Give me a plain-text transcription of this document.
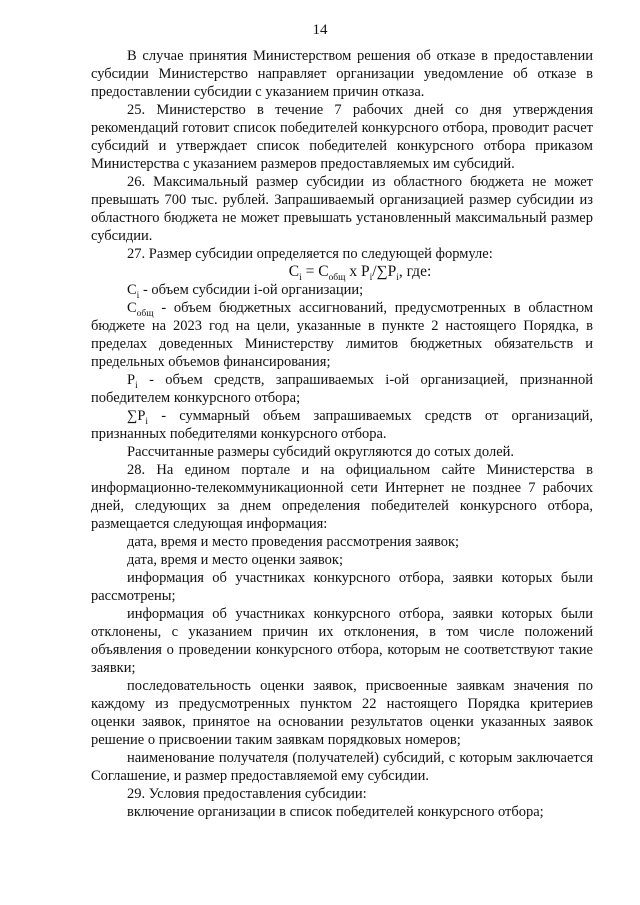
14

В случае принятия Министерством решения об отказе в предоставлении субсидии Министерство направляет организации уведомление об отказе в предоставлении субсидии с указанием причин отказа.

25. Министерство в течение 7 рабочих дней со дня утверждения рекомендаций готовит список победителей конкурсного отбора, проводит расчет субсидий и утверждает список победителей конкурсного отбора приказом Министерства с указанием размеров предоставляемых им субсидий.

26. Максимальный размер субсидии из областного бюджета не может превышать 700 тыс. рублей. Запрашиваемый организацией размер субсидии из областного бюджета не может превышать установленный максимальный размер субсидии.

27. Размер субсидии определяется по следующей формуле:

$C_i = C_{общ}$ x $P_i/\sum P_i$, где:

$C_i$ - объем субсидии i-ой организации;

$C_{общ}$ - объем бюджетных ассигнований, предусмотренных в областном бюджете на 2023 год на цели, указанные в пункте 2 настоящего Порядка, в пределах доведенных Министерству лимитов бюджетных обязательств и предельных объемов финансирования;

$P_i$ - объем средств, запрашиваемых i-ой организацией, признанной победителем конкурсного отбора;

$\sum P_i$ - суммарный объем запрашиваемых средств от организаций, признанных победителями конкурсного отбора.

Рассчитанные размеры субсидий округляются до сотых долей.

28. На едином портале и на официальном сайте Министерства в информационно-телекоммуникационной сети Интернет не позднее 7 рабочих дней, следующих за днем определения победителей конкурсного отбора, размещается следующая информация:

дата, время и место проведения рассмотрения заявок;

дата, время и место оценки заявок;

информация об участниках конкурсного отбора, заявки которых были рассмотрены;

информация об участниках конкурсного отбора, заявки которых были отклонены, с указанием причин их отклонения, в том числе положений объявления о проведении конкурсного отбора, которым не соответствуют такие заявки;

последовательность оценки заявок, присвоенные заявкам значения по каждому из предусмотренных пунктом 22 настоящего Порядка критериев оценки заявок, принятое на основании результатов оценки указанных заявок решение о присвоении таким заявкам порядковых номеров;

наименование получателя (получателей) субсидий, с которым заключается Соглашение, и размер предоставляемой ему субсидии.

29. Условия предоставления субсидии:

включение организации в список победителей конкурсного отбора;
